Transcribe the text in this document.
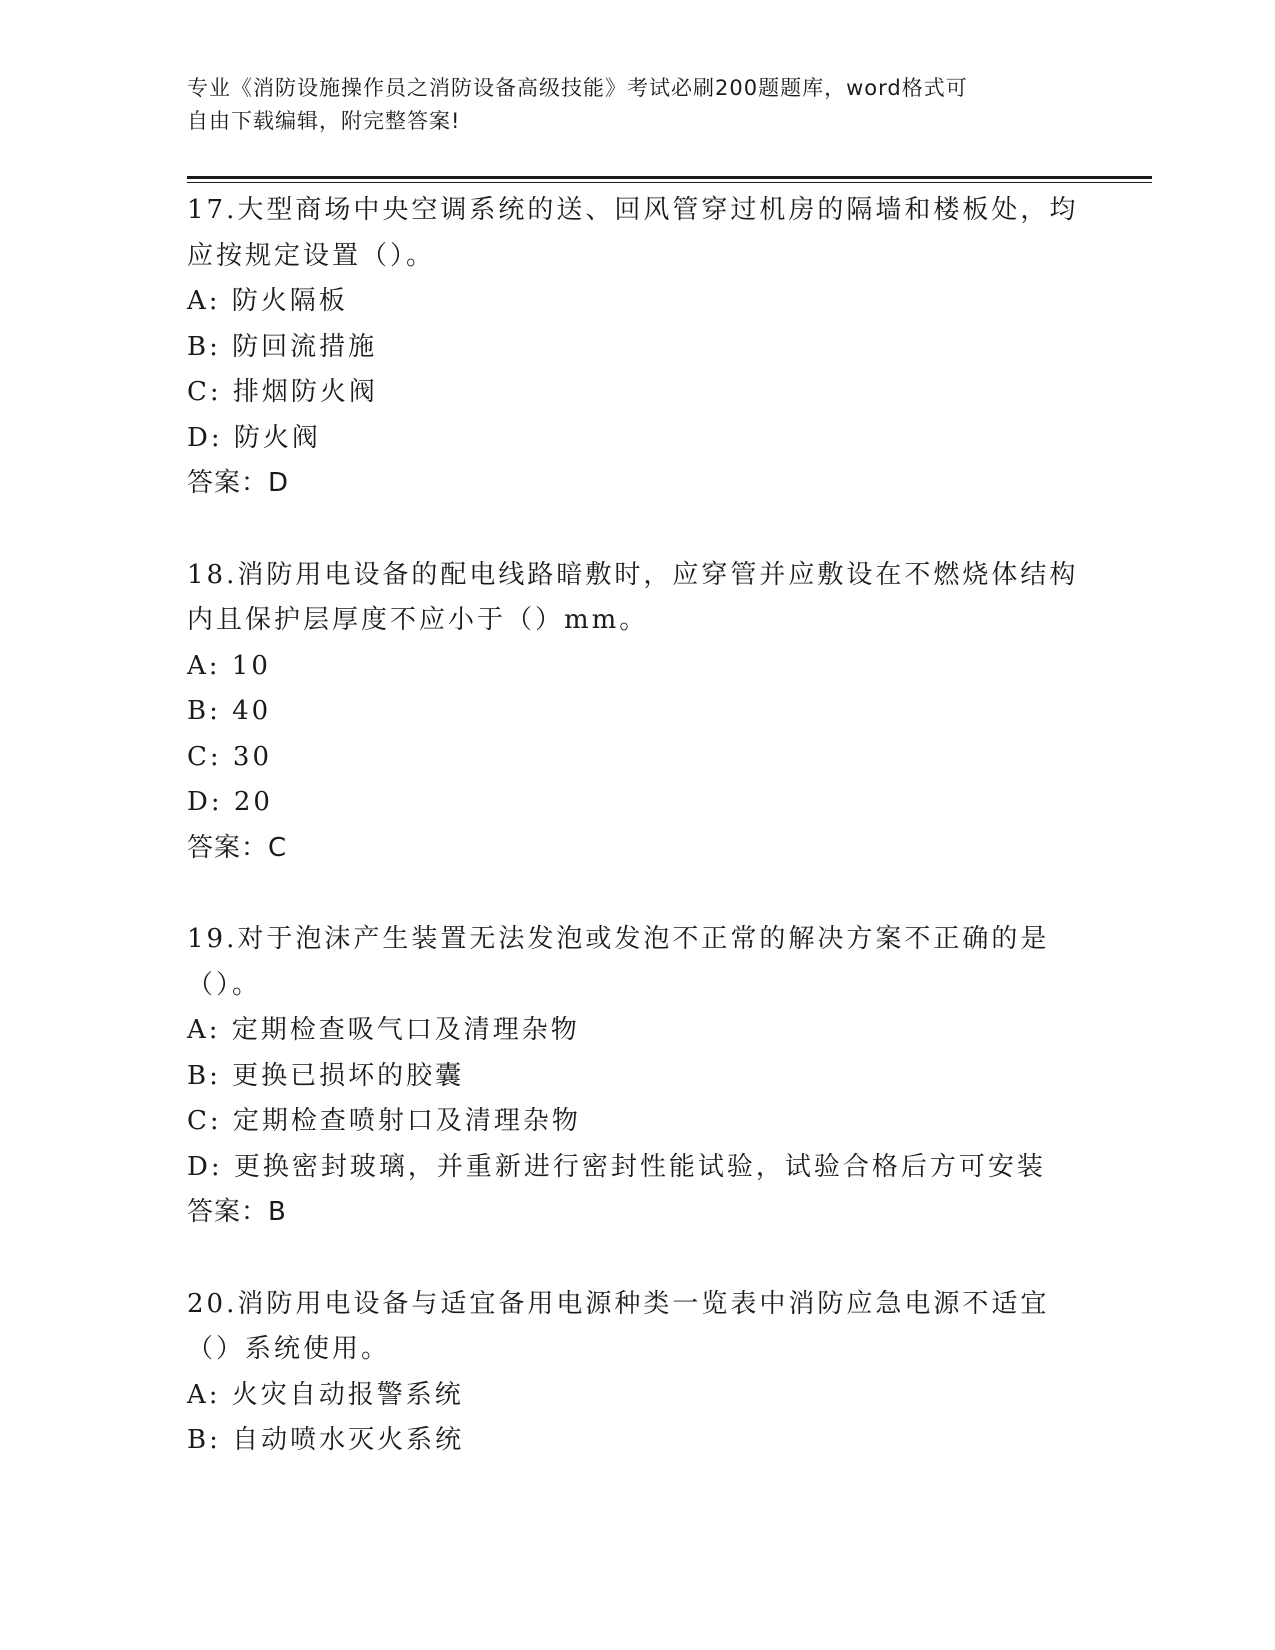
专业《消防设施操作员之消防设备高级技能》考试必刷200题题库，word格式可

自由下载编辑，附完整答案!

17.大型商场中央空调系统的送、回风管穿过机房的隔墙和楼板处，均应按规定设置（）。

A: 防火隔板

B: 防回流措施

C: 排烟防火阀

D: 防火阀

答案：D

18.消防用电设备的配电线路暗敷时，应穿管并应敷设在不燃烧体结构内且保护层厚度不应小于（）mm。

A: 10

B: 40

C: 30

D: 20

答案：C

19.对于泡沫产生装置无法发泡或发泡不正常的解决方案不正确的是（）。

A: 定期检查吸气口及清理杂物

B: 更换已损坏的胶囊

C: 定期检查喷射口及清理杂物

D: 更换密封玻璃，并重新进行密封性能试验，试验合格后方可安装

答案：B

20.消防用电设备与适宜备用电源种类一览表中消防应急电源不适宜（）系统使用。

A: 火灾自动报警系统

B: 自动喷水灭火系统
